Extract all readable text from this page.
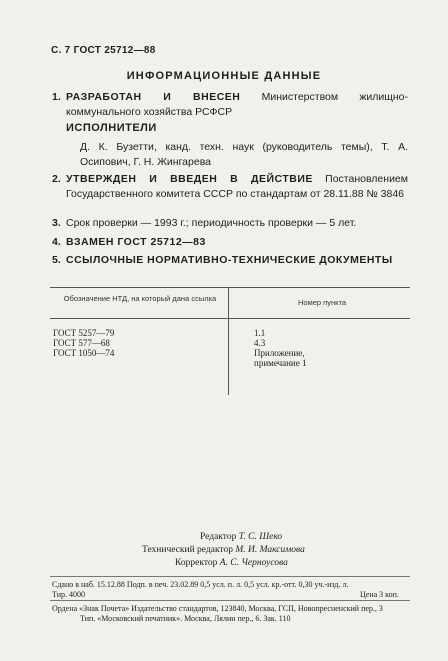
С. 7 ГОСТ 25712—88
ИНФОРМАЦИОННЫЕ ДАННЫЕ
1. РАЗРАБОТАН И ВНЕСЕН Министерством жилищно-коммунального хозяйства РСФСР
ИСПОЛНИТЕЛИ
Д. К. Бузетти, канд. техн. наук (руководитель темы), Т. А. Осипович, Г. Н. Жингарева
2. УТВЕРЖДЕН И ВВЕДЕН В ДЕЙСТВИЕ Постановлением Государственного комитета СССР по стандартам от 28.11.88 № 3846
3. Срок проверки — 1993 г.; периодичность проверки — 5 лет.
4. ВЗАМЕН ГОСТ 25712—83
5. ССЫЛОЧНЫЕ НОРМАТИВНО-ТЕХНИЧЕСКИЕ ДОКУМЕНТЫ
Обозначение НТД, на который дана ссылка	Номер пункта
ГОСТ 5257—79	1.1
ГОСТ 577—68	4.3
ГОСТ 1050—74	Приложение,
примечание 1
Редактор Т. С. Шеко
Технический редактор М. И. Максимова
Корректор А. С. Черноусова
Сдано в наб. 15.12.88 Подп. в печ. 23.02.89 0,5 усл. п. л. 0,5 усл. кр.-отт. 0,30 уч.-изд. л.
Тир. 4000	Цена 3 коп.
Ордена «Знак Почета» Издательство стандартов, 123840, Москва, ГСП, Новопресненский пер., 3
Тип. «Московский печатник». Москва, Лялин пер., 6. Зак. 110
